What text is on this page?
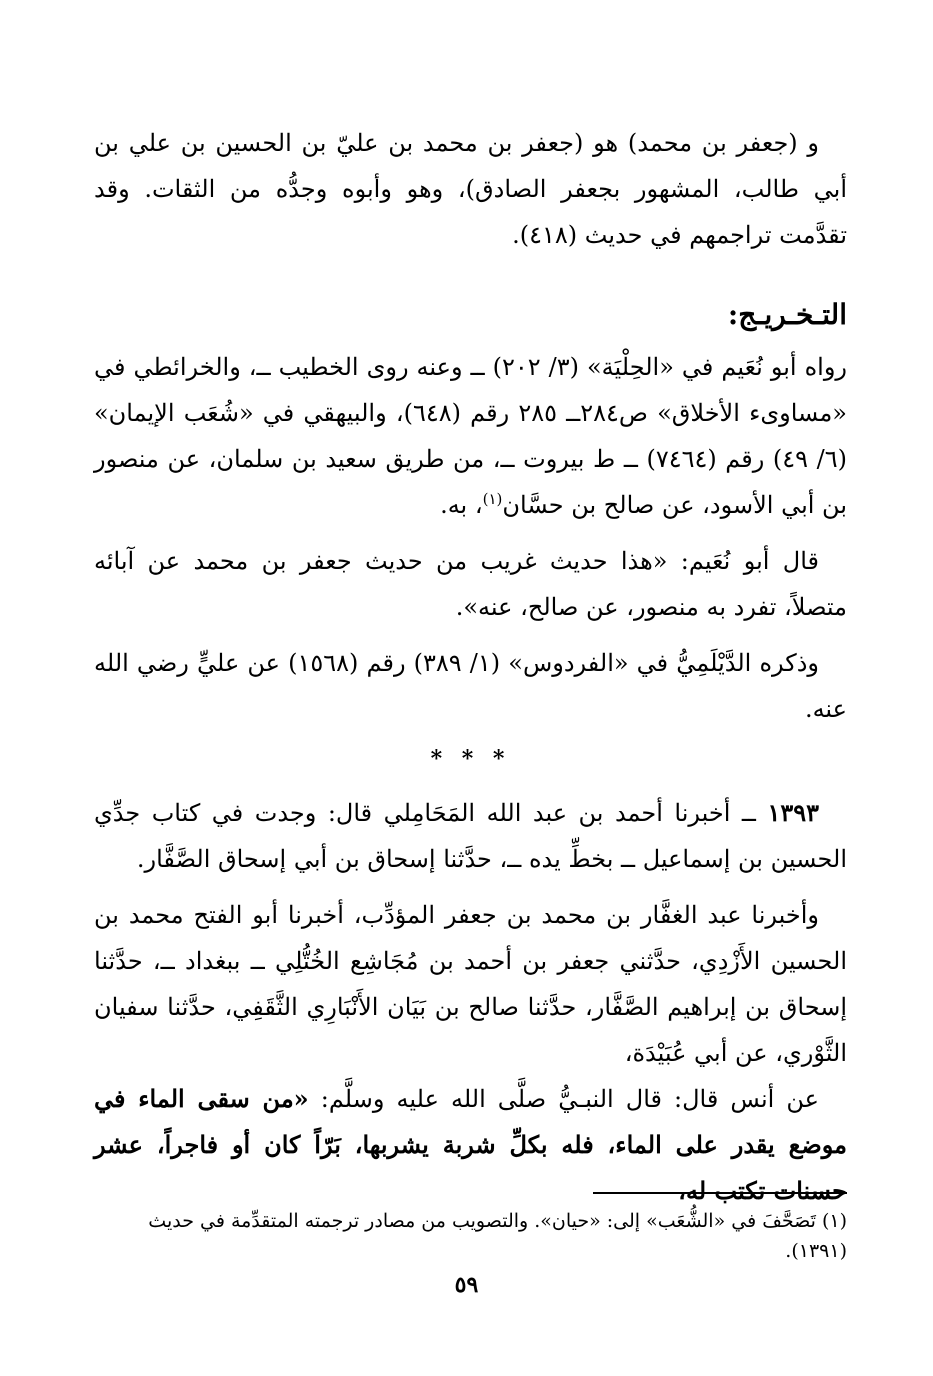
و (جعفر بن محمد) هو (جعفر بن محمد بن عليّ بن الحسين بن علي بن أبي طالب، المشهور بجعفر الصادق)، وهو وأبوه وجدُّه من الثقات. وقد تقدَّمت تراجمهم في حديث (٤١٨).

التـخـريـج:

رواه أبو نُعَيم في «الحِلْيَة» (٣/ ٢٠٢) ــ وعنه روى الخطيب ــ، والخرائطي في «مساوىء الأخلاق» ص٢٨٤ــ ٢٨٥ رقم (٦٤٨)، والبيهقي في «شُعَب الإيمان» (٦/ ٤٩) رقم (٧٤٦٤) ــ ط بيروت ــ، من طريق سعيد بن سلمان، عن منصور بن أبي الأسود، عن صالح بن حسَّان$^{(١)}$، به.

قال أبو نُعَيم: «هذا حديث غريب من حديث جعفر بن محمد عن آبائه متصلاً، تفرد به منصور، عن صالح، عنه».

وذكره الدَّيْلَمِيُّ في «الفردوس» (١/ ٣٨٩) رقم (١٥٦٨) عن عليٍّ رضي الله عنه.

* * *

١٣٩٣ ــ أخبرنا أحمد بن عبد الله المَحَامِلي قال: وجدت في كتاب جدِّي الحسين بن إسماعيل ــ بخطِّ يده ــ، حدَّثنا إسحاق بن أبي إسحاق الصَّفَّار.

وأخبرنا عبد الغفَّار بن محمد بن جعفر المؤدِّب، أخبرنا أبو الفتح محمد بن الحسين الأَزْدِي، حدَّثني جعفر بن أحمد بن مُجَاشِع الخُتُّلِي ــ ببغداد ــ، حدَّثنا إسحاق بن إبراهيم الصَّفَّار، حدَّثنا صالح بن بَيَان الأَنْبَارِي الثَّقَفِي، حدَّثنا سفيان الثَّوْري، عن أبي عُبَيْدَة،

عن أنس قال: قال النبـيُّ صلَّى الله عليه وسلَّم: «من سقى الماء في موضع يقدر على الماء، فله بكلِّ شربة يشربها، بَرّاً كان أو فاجراً، عشر حسنات تكتب له،

(١) تَصَحَّفَ في «الشُّعَب» إلى: «حيان». والتصويب من مصادر ترجمته المتقدِّمة في حديث (١٣٩١).
٥٩
